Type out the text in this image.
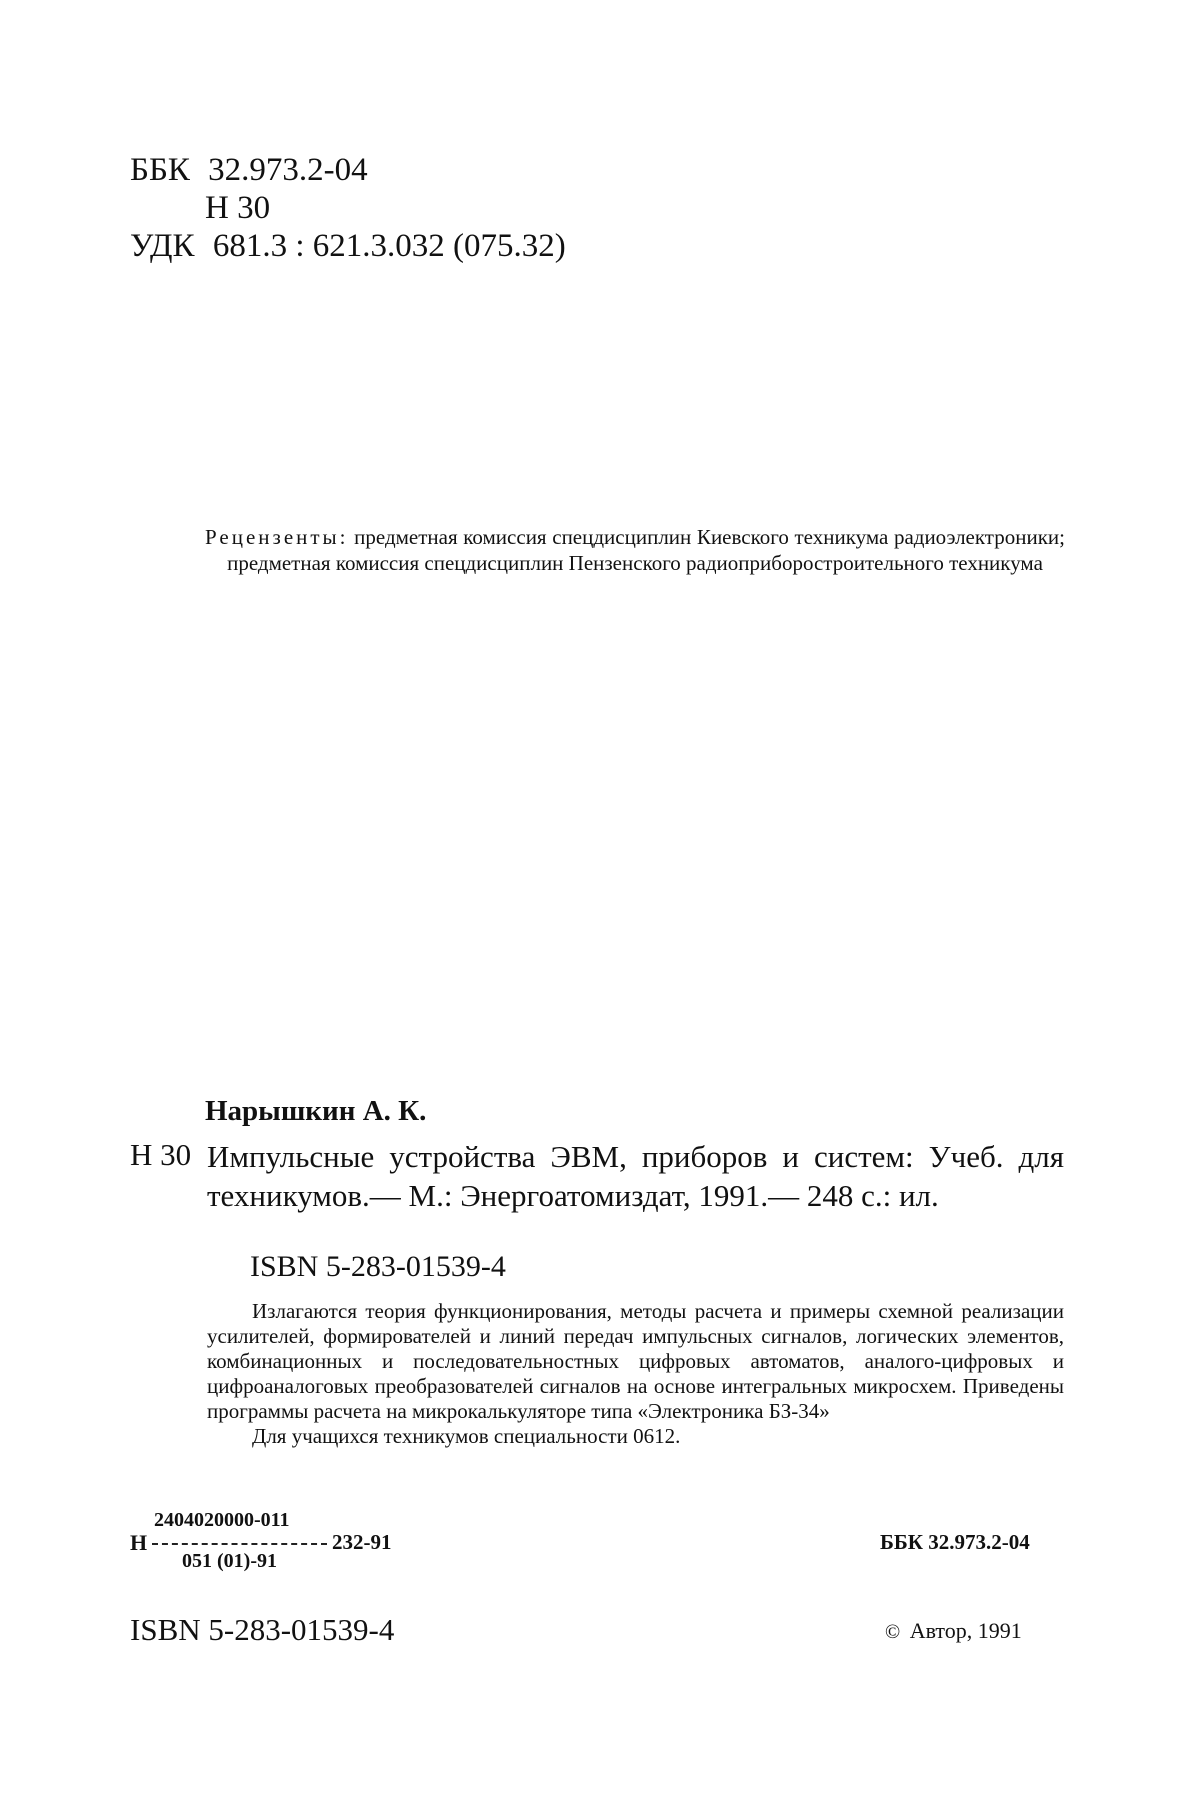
ББК 32.973.2-04
Н 30
УДК 681.3 : 621.3.032 (075.32)
Рецензенты: предметная комиссия спецдисциплин Киевского техникума радиоэлектроники; предметная комиссия спецдисциплин Пензенского радиоприборостроительного техникума
Нарышкин А. К.
Н 30 Импульсные устройства ЭВМ, приборов и систем: Учеб. для техникумов.— М.: Энергоатомиздат, 1991.— 248 с.: ил.
ISBN 5-283-01539-4

Излагаются теория функционирования, методы расчета и примеры схемной реализации усилителей, формирователей и линий передач импульсных сигналов, логических элементов, комбинационных и последовательностных цифровых автоматов, аналого-цифровых и цифроаналоговых преобразователей сигналов на основе интегральных микросхем. Приведены программы расчета на микрокалькуляторе типа «Электроника БЗ-34»

Для учащихся техникумов специальности 0612.

Н
2404020000-011
051 (01)-91
232-91	ББК 32.973.2-04
ISBN 5-283-01539-4	© Автор, 1991
